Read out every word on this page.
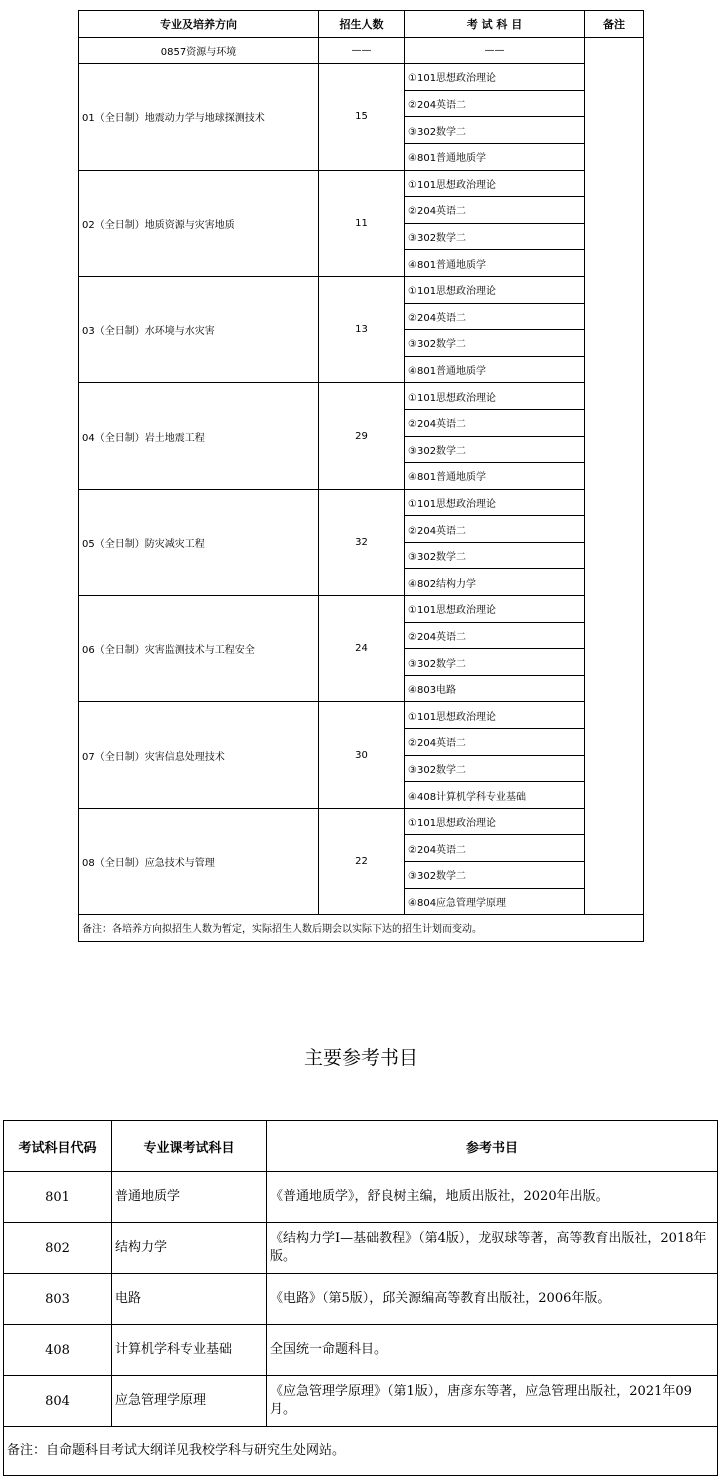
专业及培养方向	招生人数	考 试 科 目	备注
0857资源与环境	——	——	
01（全日制）地震动力学与地球探测技术	15	①101思想政治理论	
		②204英语二	
		③302数学二	
		④801普通地质学	
02（全日制）地质资源与灾害地质	11	①101思想政治理论	
		②204英语二	
		③302数学二	
		④801普通地质学	
03（全日制）水环境与水灾害	13	①101思想政治理论	
		②204英语二	
		③302数学二	
		④801普通地质学	
04（全日制）岩土地震工程	29	①101思想政治理论	
		②204英语二	
		③302数学二	
		④801普通地质学	
05（全日制）防灾减灾工程	32	①101思想政治理论	
		②204英语二	
		③302数学二	
		④802结构力学	
06（全日制）灾害监测技术与工程安全	24	①101思想政治理论	
		②204英语二	
		③302数学二	
		④803电路	
07（全日制）灾害信息处理技术	30	①101思想政治理论	
		②204英语二	
		③302数学二	
		④408计算机学科专业基础	
08（全日制）应急技术与管理	22	①101思想政治理论	
		②204英语二	
		③302数学二	
		④804应急管理学原理	
备注：各培养方向拟招生人数为暂定，实际招生人数后期会以实际下达的招生计划而变动。			
主要参考书目
考试科目代码	专业课考试科目	参考书目
801	普通地质学	《普通地质学》，舒良树主编，地质出版社，2020年出版。
802	结构力学	《结构力学I—基础教程》（第4版），龙驭球等著，高等教育出版社，2018年版。
803	电路	《电路》（第5版），邱关源编高等教育出版社，2006年版。
408	计算机学科专业基础	全国统一命题科目。
804	应急管理学原理	《应急管理学原理》（第1版），唐彦东等著，应急管理出版社，2021年09月。
备注：自命题科目考试大纲详见我校学科与研究生处网站。		
